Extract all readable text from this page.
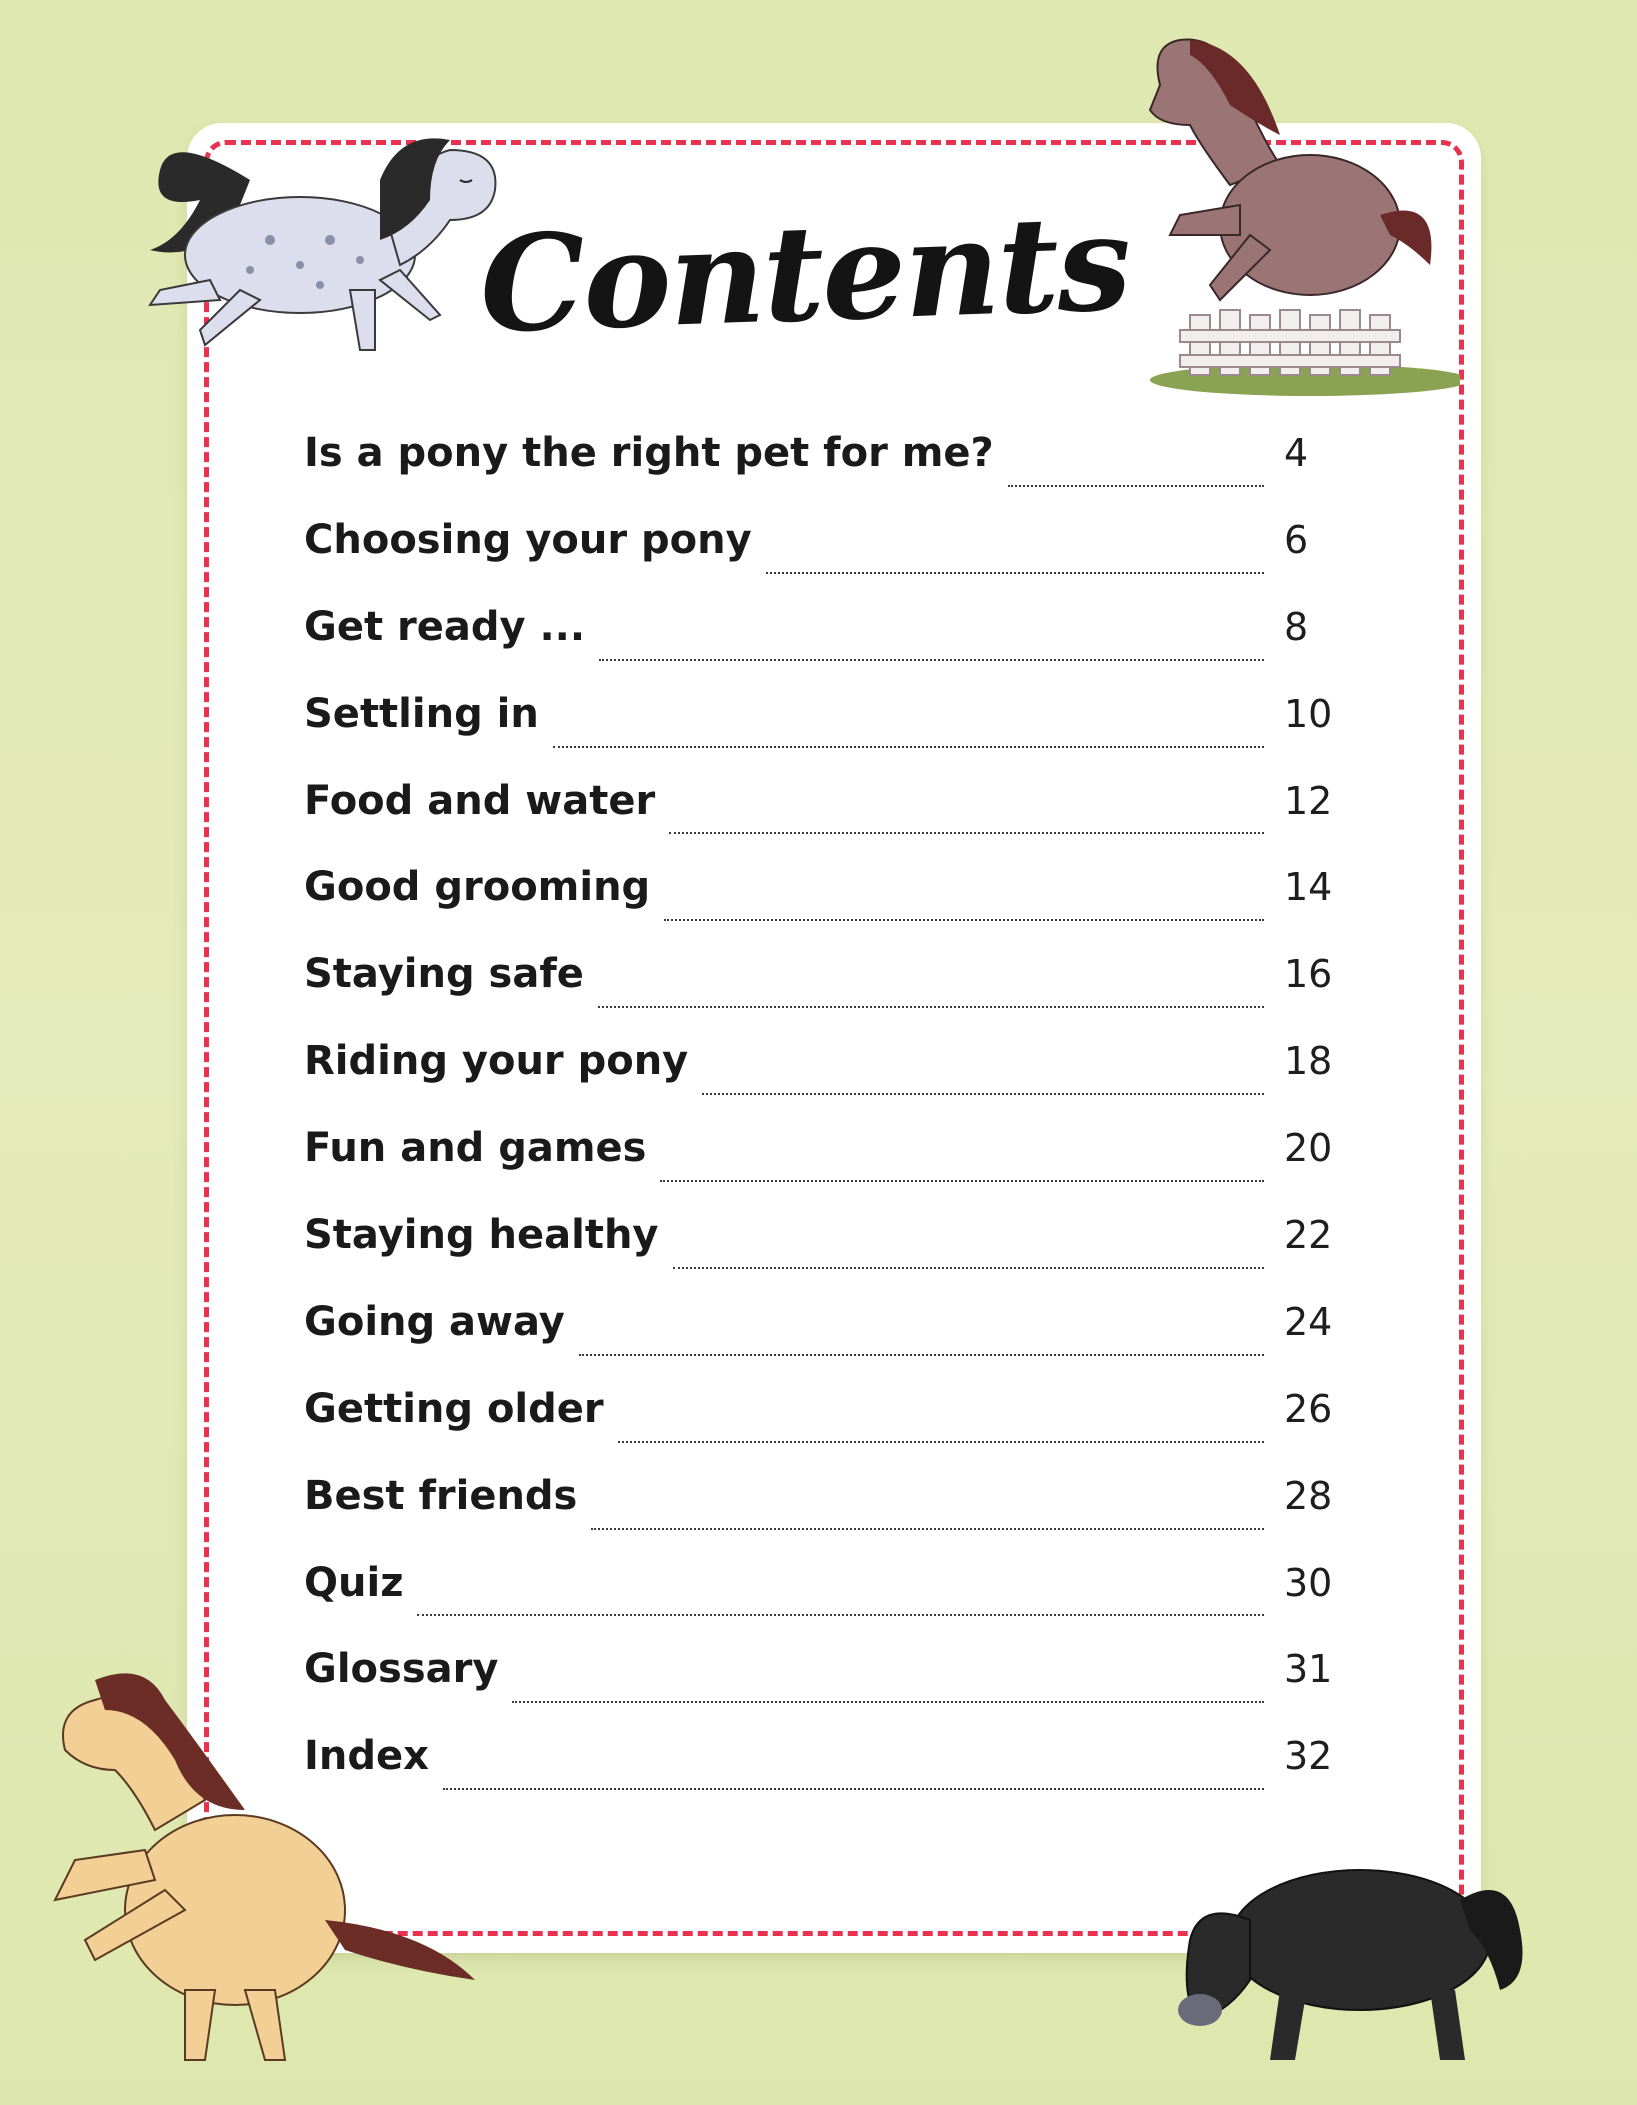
Contents
Is a pony the right pet for me?	4
Choosing your pony	6
Get ready ...	8
Settling in	10
Food and water	12
Good grooming	14
Staying safe	16
Riding your pony	18
Fun and games	20
Staying healthy	22
Going away	24
Getting older	26
Best friends	28
Quiz	30
Glossary	31
Index	32
